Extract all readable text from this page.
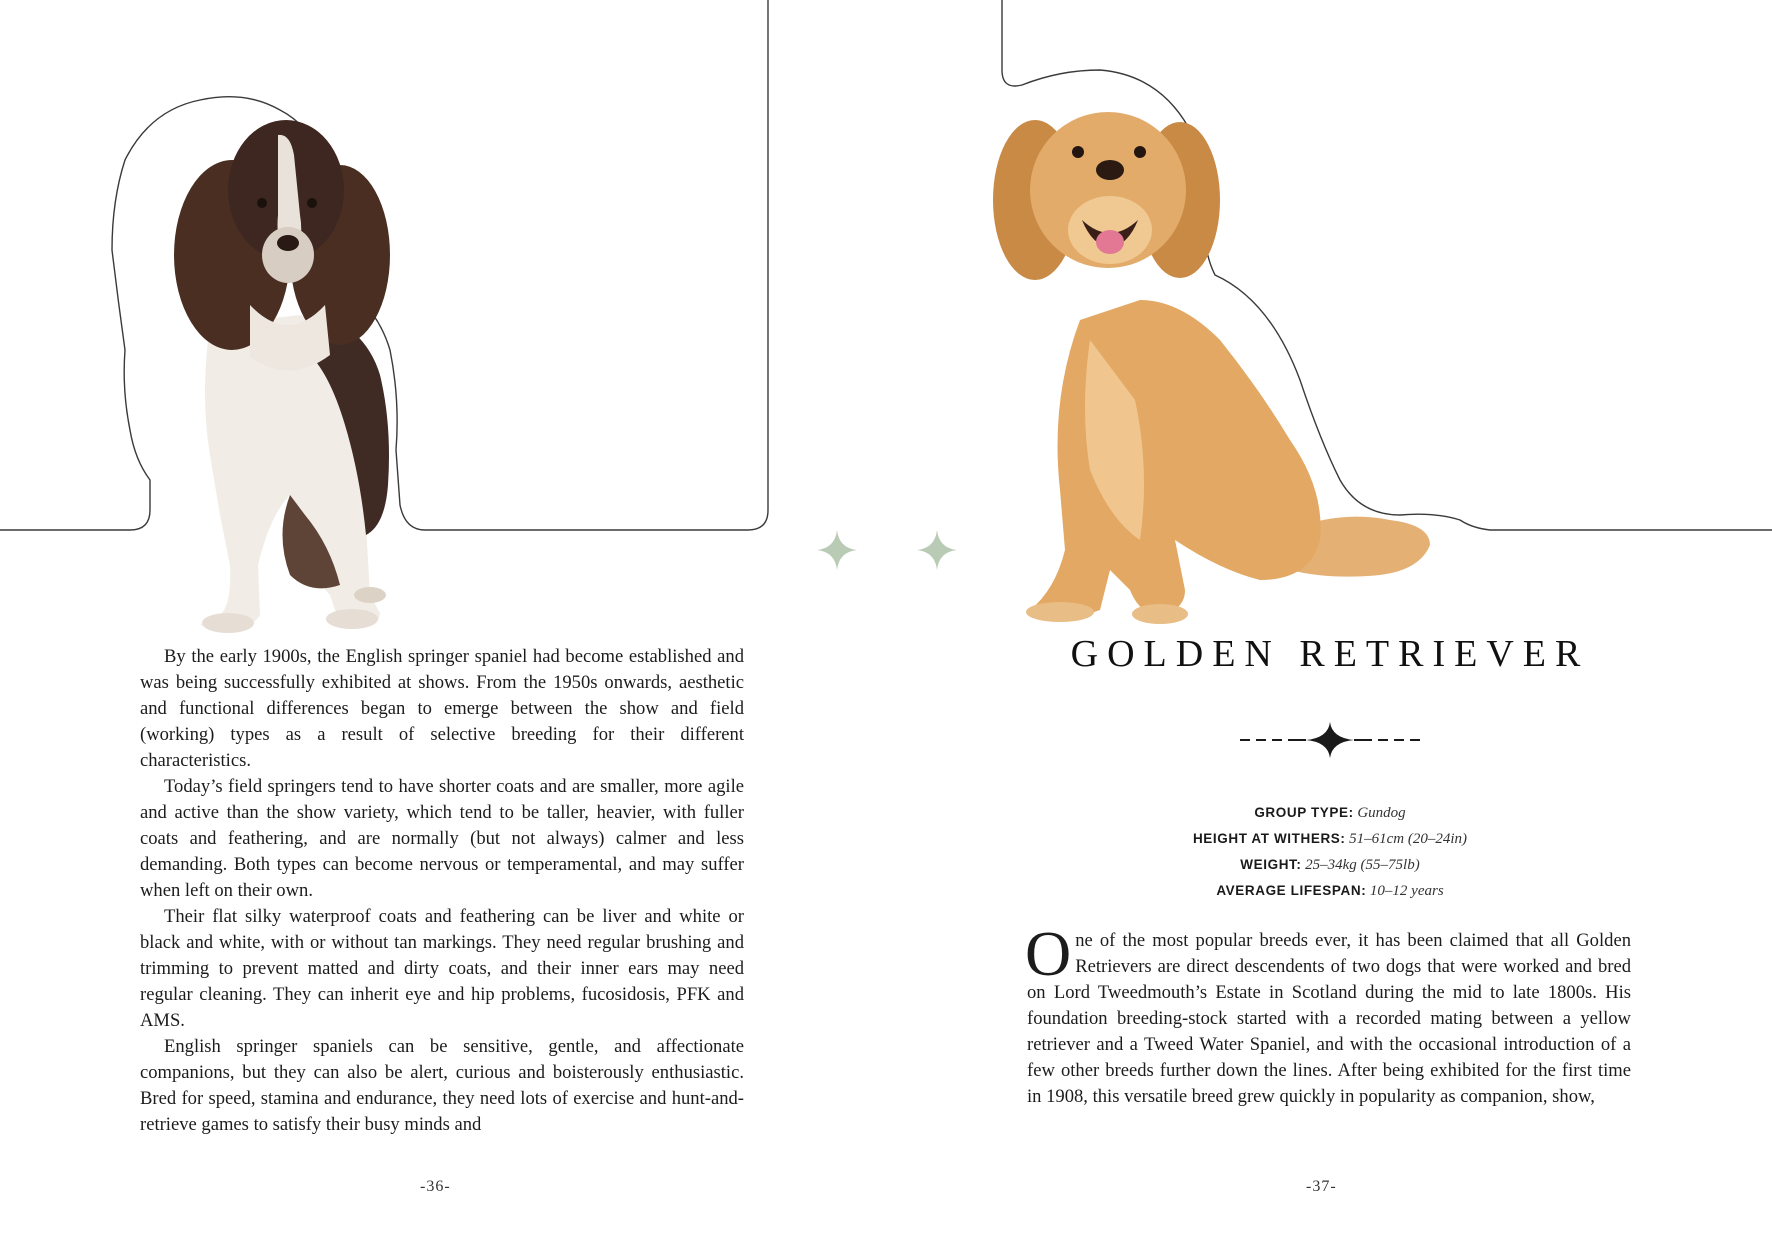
By the early 1900s, the English springer spaniel had become established and was being successfully exhibited at shows. From the 1950s onwards, aesthetic and functional differences began to emerge between the show and field (working) types as a result of selective breeding for their different characteristics.

Today’s field springers tend to have shorter coats and are smaller, more agile and active than the show variety, which tend to be taller, heavier, with fuller coats and feathering, and are normally (but not always) calmer and less demanding. Both types can become nervous or temperamental, and may suffer when left on their own.

Their flat silky waterproof coats and feathering can be liver and white or black and white, with or without tan markings. They need regular brushing and trimming to prevent matted and dirty coats, and their inner ears may need regular cleaning. They can inherit eye and hip problems, fucosidosis, PFK and AMS.

English springer spaniels can be sensitive, gentle, and affectionate companions, but they can also be alert, curious and boisterously enthusiastic. Bred for speed, stamina and endurance, they need lots of exercise and hunt-and-retrieve games to satisfy their busy minds and

GOLDEN RETRIEVER
GROUP TYPE: Gundog
HEIGHT AT WITHERS: 51–61cm (20–24in)
WEIGHT: 25–34kg (55–75lb)
AVERAGE LIFESPAN: 10–12 years

One of the most popular breeds ever, it has been claimed that all Golden Retrievers are direct descendents of two dogs that were worked and bred on Lord Tweedmouth’s Estate in Scotland during the mid to late 1800s. His foundation breeding-stock started with a recorded mating between a yellow retriever and a Tweed Water Spaniel, and with the occasional introduction of a few other breeds further down the lines. After being exhibited for the first time in 1908, this versatile breed grew quickly in popularity as companion, show,

-36-	-37-
